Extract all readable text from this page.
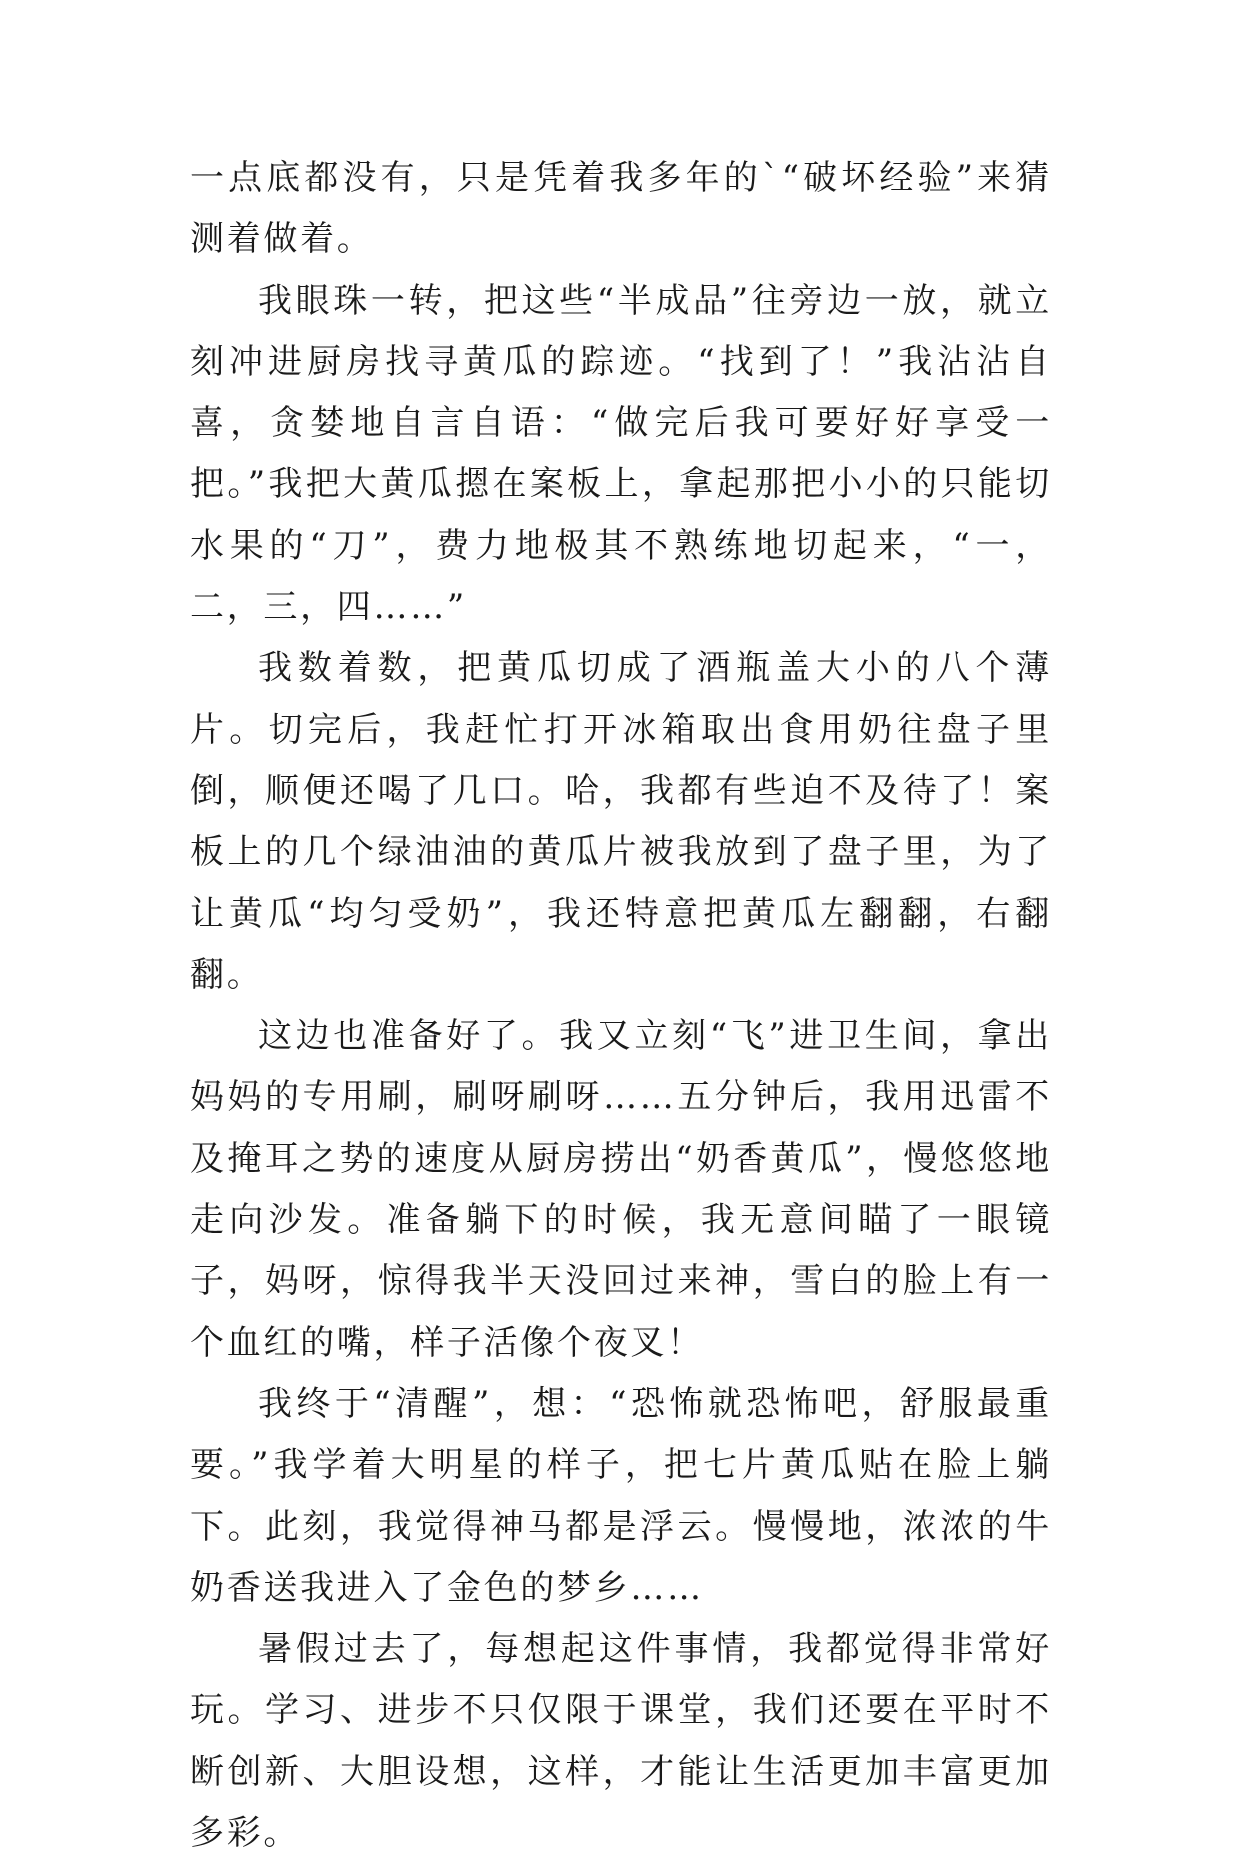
一点底都没有，只是凭着我多年的`“破坏经验”来猜测着做着。

我眼珠一转，把这些“半成品”往旁边一放，就立刻冲进厨房找寻黄瓜的踪迹。“找到了！”我沾沾自喜，贪婪地自言自语：“做完后我可要好好享受一把。”我把大黄瓜摁在案板上，拿起那把小小的只能切水果的“刀”，费力地极其不熟练地切起来，“一，二，三，四……”

我数着数，把黄瓜切成了酒瓶盖大小的八个薄片。切完后，我赶忙打开冰箱取出食用奶往盘子里倒，顺便还喝了几口。哈，我都有些迫不及待了！案板上的几个绿油油的黄瓜片被我放到了盘子里，为了让黄瓜“均匀受奶”，我还特意把黄瓜左翻翻，右翻翻。

这边也准备好了。我又立刻“飞”进卫生间，拿出妈妈的专用刷，刷呀刷呀……五分钟后，我用迅雷不及掩耳之势的速度从厨房捞出“奶香黄瓜”，慢悠悠地走向沙发。准备躺下的时候，我无意间瞄了一眼镜子，妈呀，惊得我半天没回过来神，雪白的脸上有一个血红的嘴，样子活像个夜叉！

我终于“清醒”，想：“恐怖就恐怖吧，舒服最重要。”我学着大明星的样子，把七片黄瓜贴在脸上躺下。此刻，我觉得神马都是浮云。慢慢地，浓浓的牛奶香送我进入了金色的梦乡……

暑假过去了，每想起这件事情，我都觉得非常好玩。学习、进步不只仅限于课堂，我们还要在平时不断创新、大胆设想，这样，才能让生活更加丰富更加多彩。
